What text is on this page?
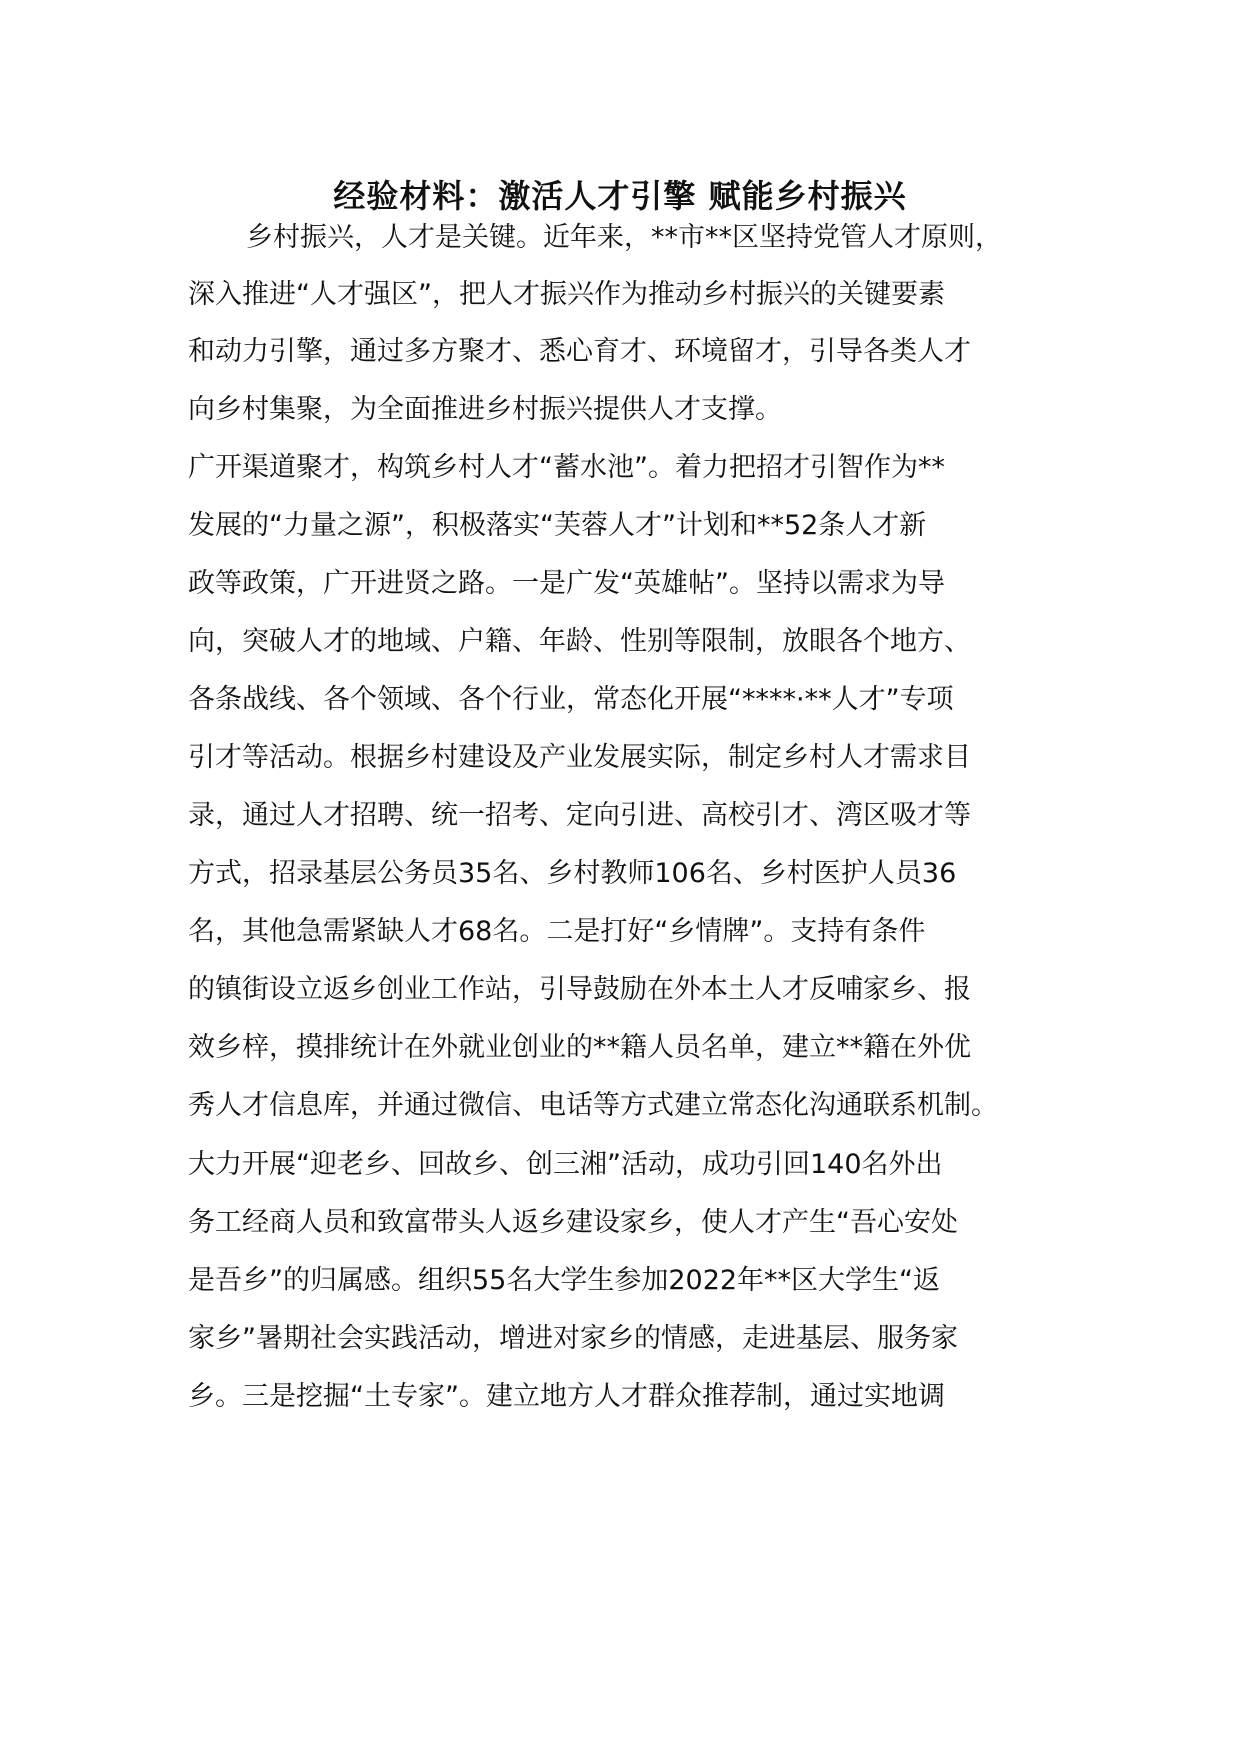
经验材料：激活人才引擎 赋能乡村振兴
乡村振兴，人才是关键。近年来，**市**区坚持党管人才原则，
深入推进“人才强区”，把人才振兴作为推动乡村振兴的关键要素
和动力引擎，通过多方聚才、悉心育才、环境留才，引导各类人才
向乡村集聚，为全面推进乡村振兴提供人才支撑。
广开渠道聚才，构筑乡村人才“蓄水池”。着力把招才引智作为**
发展的“力量之源”，积极落实“芙蓉人才”计划和**52条人才新
政等政策，广开进贤之路。一是广发“英雄帖”。坚持以需求为导
向，突破人才的地域、户籍、年龄、性别等限制，放眼各个地方、
各条战线、各个领域、各个行业，常态化开展“****·**人才”专项
引才等活动。根据乡村建设及产业发展实际，制定乡村人才需求目
录，通过人才招聘、统一招考、定向引进、高校引才、湾区吸才等
方式，招录基层公务员35名、乡村教师106名、乡村医护人员36
名，其他急需紧缺人才68名。二是打好“乡情牌”。支持有条件
的镇街设立返乡创业工作站，引导鼓励在外本土人才反哺家乡、报
效乡梓，摸排统计在外就业创业的**籍人员名单，建立**籍在外优
秀人才信息库，并通过微信、电话等方式建立常态化沟通联系机制。
大力开展“迎老乡、回故乡、创三湘”活动，成功引回140名外出
务工经商人员和致富带头人返乡建设家乡，使人才产生“吾心安处
是吾乡”的归属感。组织55名大学生参加2022年**区大学生“返
家乡”暑期社会实践活动，增进对家乡的情感，走进基层、服务家
乡。三是挖掘“土专家”。建立地方人才群众推荐制，通过实地调
